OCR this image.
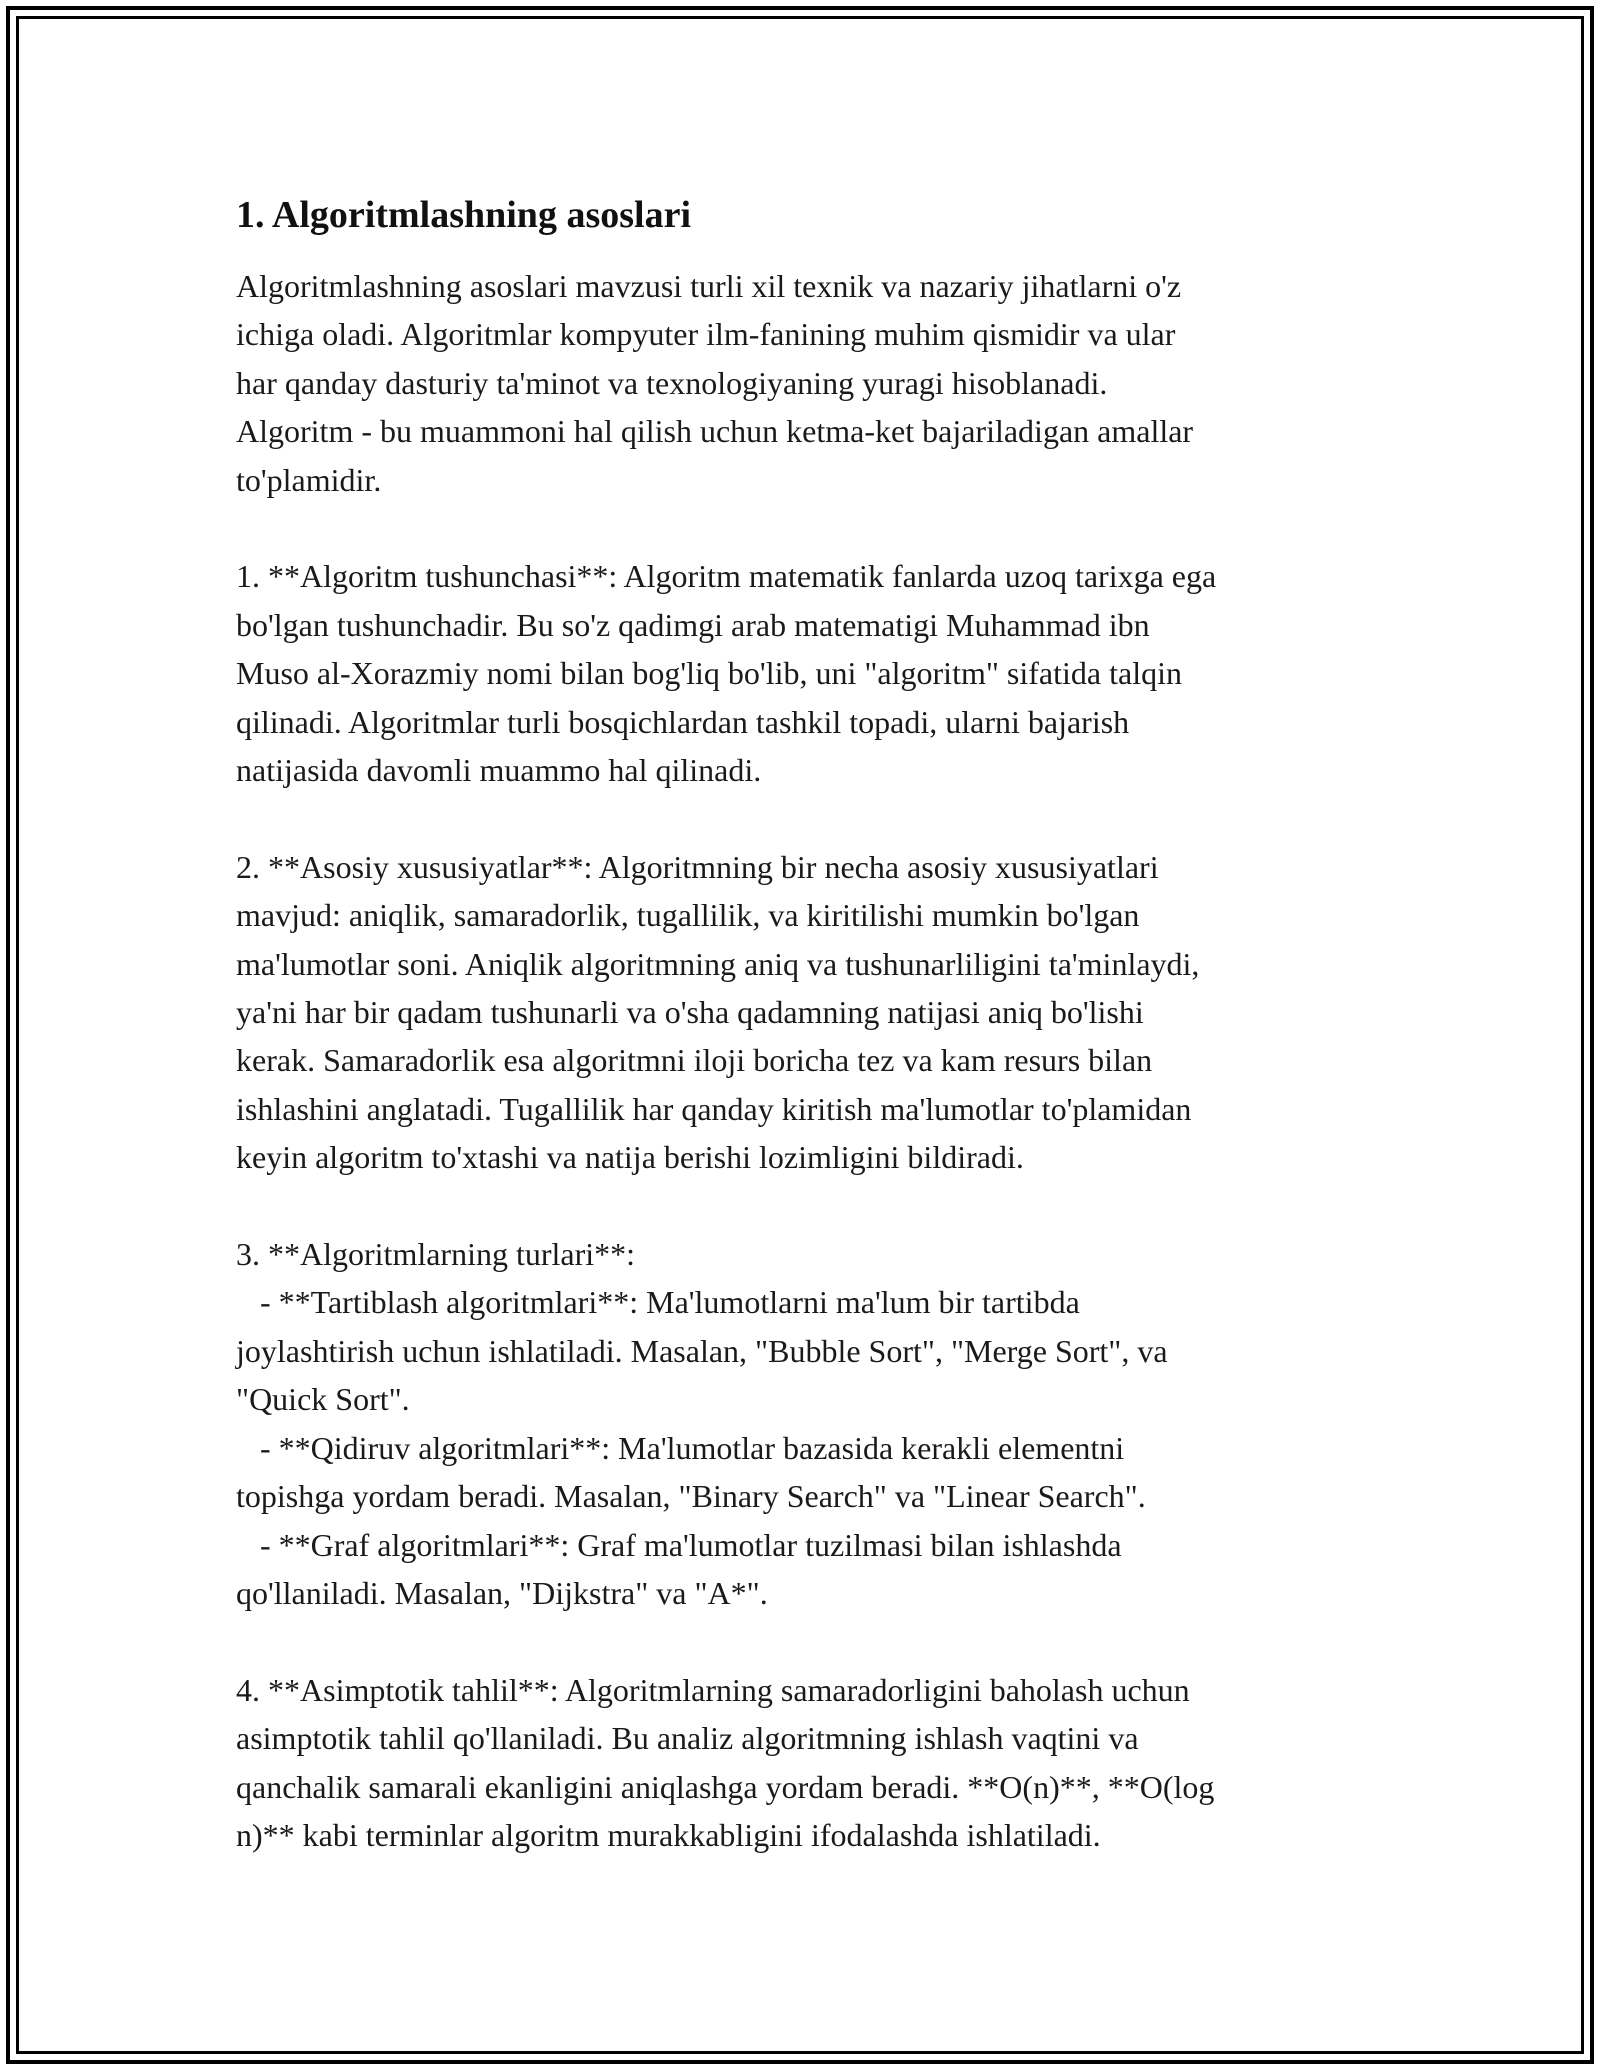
1. Algoritmlashning asoslari

Algoritmlashning asoslari mavzusi turli xil texnik va nazariy jihatlarni o'z
ichiga oladi. Algoritmlar kompyuter ilm-fanining muhim qismidir va ular
har qanday dasturiy ta'minot va texnologiyaning yuragi hisoblanadi.
Algoritm - bu muammoni hal qilish uchun ketma-ket bajariladigan amallar
to'plamidir.

1. **Algoritm tushunchasi**: Algoritm matematik fanlarda uzoq tarixga ega
bo'lgan tushunchadir. Bu so'z qadimgi arab matematigi Muhammad ibn
Muso al-Xorazmiy nomi bilan bog'liq bo'lib, uni "algoritm" sifatida talqin
qilinadi. Algoritmlar turli bosqichlardan tashkil topadi, ularni bajarish
natijasida davomli muammo hal qilinadi.

2. **Asosiy xususiyatlar**: Algoritmning bir necha asosiy xususiyatlari
mavjud: aniqlik, samaradorlik, tugallilik, va kiritilishi mumkin bo'lgan
ma'lumotlar soni. Aniqlik algoritmning aniq va tushunarliligini ta'minlaydi,
ya'ni har bir qadam tushunarli va o'sha qadamning natijasi aniq bo'lishi
kerak. Samaradorlik esa algoritmni iloji boricha tez va kam resurs bilan
ishlashini anglatadi. Tugallilik har qanday kiritish ma'lumotlar to'plamidan
keyin algoritm to'xtashi va natija berishi lozimligini bildiradi.

3. **Algoritmlarning turlari**:
- **Tartiblash algoritmlari**: Ma'lumotlarni ma'lum bir tartibda
joylashtirish uchun ishlatiladi. Masalan, "Bubble Sort", "Merge Sort", va
"Quick Sort".
- **Qidiruv algoritmlari**: Ma'lumotlar bazasida kerakli elementni
topishga yordam beradi. Masalan, "Binary Search" va "Linear Search".
- **Graf algoritmlari**: Graf ma'lumotlar tuzilmasi bilan ishlashda
qo'llaniladi. Masalan, "Dijkstra" va "A*".

4. **Asimptotik tahlil**: Algoritmlarning samaradorligini baholash uchun
asimptotik tahlil qo'llaniladi. Bu analiz algoritmning ishlash vaqtini va
qanchalik samarali ekanligini aniqlashga yordam beradi. **O(n)**, **O(log
n)** kabi terminlar algoritm murakkabligini ifodalashda ishlatiladi.
